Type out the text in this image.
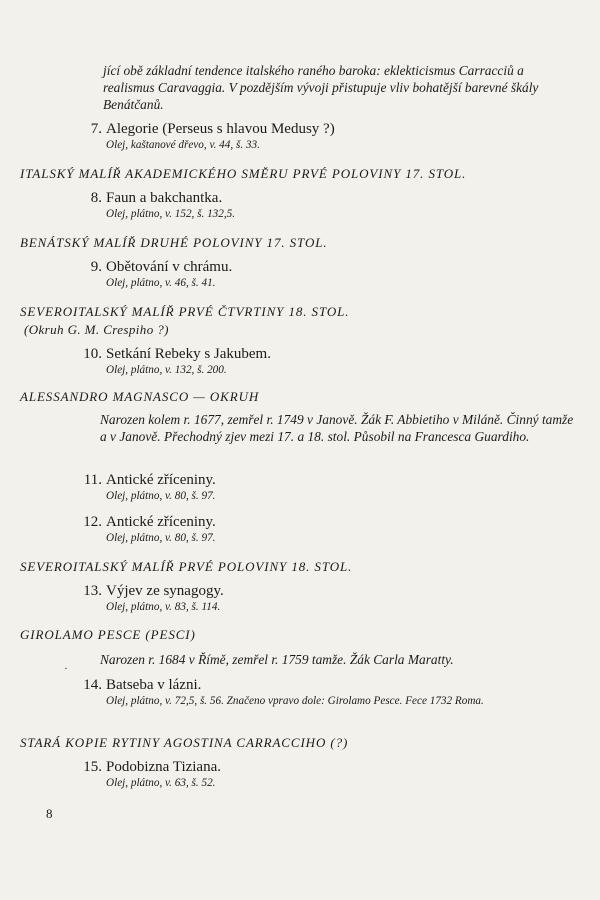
jící obě základní tendence italského raného baroka: eklekticismus Carracciů a realismus Caravaggia. V pozdějším vývoji přistupuje vliv bohatější barevné škály Benátčanů.
7. Alegorie (Perseus s hlavou Medusy ?)
Olej, kaštanové dřevo, v. 44, š. 33.
ITALSKÝ MALÍŘ AKADEMICKÉHO SMĚRU PRVÉ POLOVINY 17. STOL.
8. Faun a bakchantka.
Olej, plátno, v. 152, š. 132,5.
BENÁTSKÝ MALÍŘ DRUHÉ POLOVINY 17. STOL.
9. Obětování v chrámu.
Olej, plátno, v. 46, š. 41.
SEVEROITALSKÝ MALÍŘ PRVÉ ČTVRTINY 18. STOL.
(Okruh G. M. Crespiho ?)
10. Setkání Rebeky s Jakubem.
Olej, plátno, v. 132, š. 200.
ALESSANDRO MAGNASCO — OKRUH
Narozen kolem r. 1677, zemřel r. 1749 v Janově. Žák F. Abbietiho v Miláně. Činný tamže a v Janově. Přechodný zjev mezi 17. a 18. stol. Působil na Francesca Guardiho.
11. Antické zříceniny.
Olej, plátno, v. 80, š. 97.
12. Antické zříceniny.
Olej, plátno, v. 80, š. 97.
SEVEROITALSKÝ MALÍŘ PRVÉ POLOVINY 18. STOL.
13. Výjev ze synagogy.
Olej, plátno, v. 83, š. 114.
GIROLAMO PESCE (PESCI)
·
Narozen r. 1684 v Římě, zemřel r. 1759 tamže. Žák Carla Maratty.
14. Batseba v lázni.
Olej, plátno, v. 72,5, š. 56. Značeno vpravo dole: Girolamo Pesce. Fece 1732 Roma.
STARÁ KOPIE RYTINY AGOSTINA CARRACCIHO (?)
15. Podobizna Tiziana.
Olej, plátno, v. 63, š. 52.
8
